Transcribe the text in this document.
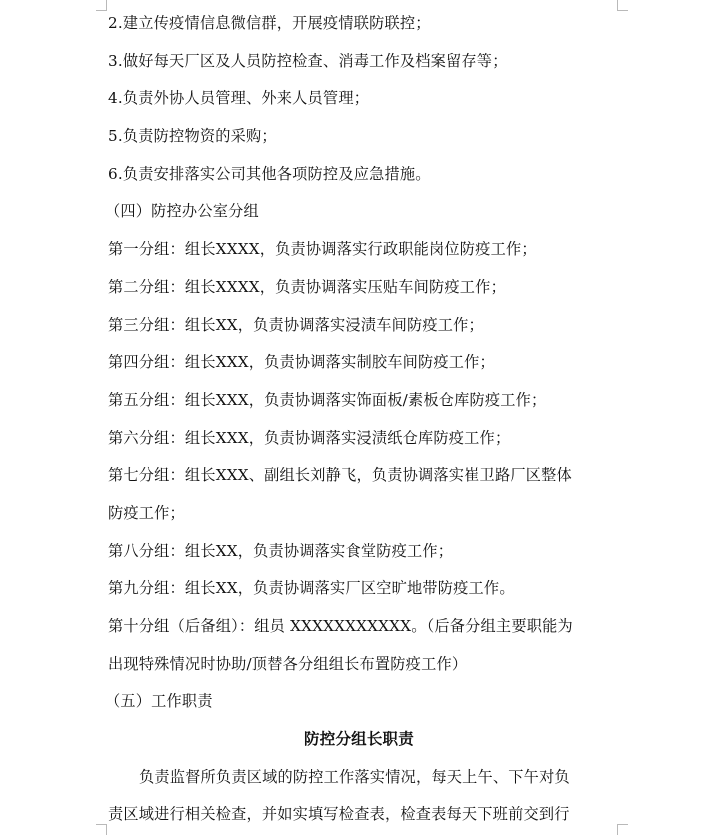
2.建立传疫情信息微信群，开展疫情联防联控；
3.做好每天厂区及人员防控检查、消毒工作及档案留存等；
4.负责外协人员管理、外来人员管理；
5.负责防控物资的采购；
6.负责安排落实公司其他各项防控及应急措施。
（四）防控办公室分组
第一分组：组长XXXX，负责协调落实行政职能岗位防疫工作；
第二分组：组长XXXX，负责协调落实压贴车间防疫工作；
第三分组：组长XX，负责协调落实浸渍车间防疫工作；
第四分组：组长XXX，负责协调落实制胶车间防疫工作；
第五分组：组长XXX，负责协调落实饰面板/素板仓库防疫工作；
第六分组：组长XXX，负责协调落实浸渍纸仓库防疫工作；
第七分组：组长XXX、副组长刘静飞，负责协调落实崔卫路厂区整体
防疫工作；
第八分组：组长XX，负责协调落实食堂防疫工作；
第九分组：组长XX，负责协调落实厂区空旷地带防疫工作。
第十分组（后备组）：组员 XXXXXXXXXXX。（后备分组主要职能为
出现特殊情况时协助/顶替各分组组长布置防疫工作）
（五）工作职责
防控分组长职责
负责监督所负责区域的防控工作落实情况，每天上午、下午对负
责区域进行相关检查，并如实填写检查表，检查表每天下班前交到行
